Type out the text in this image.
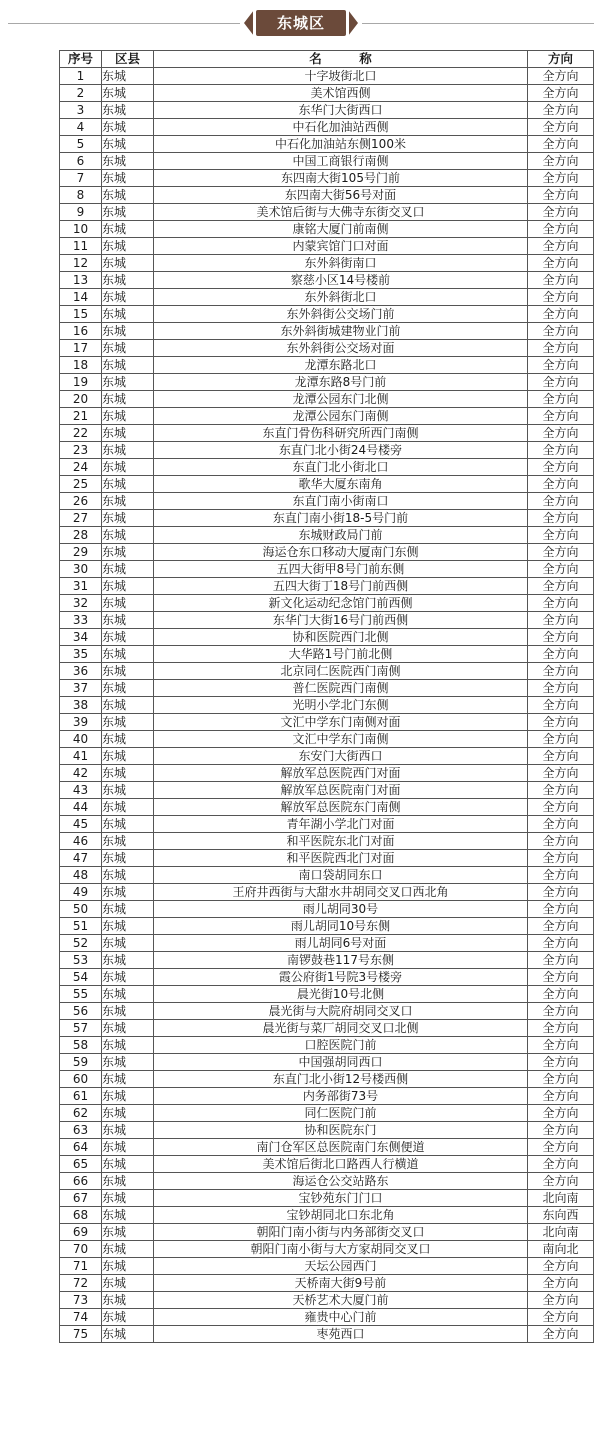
东城区
序号	区县	名　　　称	方向
1	东城	十字坡街北口	全方向
2	东城	美术馆西侧	全方向
3	东城	东华门大街西口	全方向
4	东城	中石化加油站西侧	全方向
5	东城	中石化加油站东侧100米	全方向
6	东城	中国工商银行南侧	全方向
7	东城	东四南大街105号门前	全方向
8	东城	东四南大街56号对面	全方向
9	东城	美术馆后街与大佛寺东街交叉口	全方向
10	东城	康铭大厦门前南侧	全方向
11	东城	内蒙宾馆门口对面	全方向
12	东城	东外斜街南口	全方向
13	东城	察慈小区14号楼前	全方向
14	东城	东外斜街北口	全方向
15	东城	东外斜街公交场门前	全方向
16	东城	东外斜街城建物业门前	全方向
17	东城	东外斜街公交场对面	全方向
18	东城	龙潭东路北口	全方向
19	东城	龙潭东路8号门前	全方向
20	东城	龙潭公园东门北侧	全方向
21	东城	龙潭公园东门南侧	全方向
22	东城	东直门骨伤科研究所西门南侧	全方向
23	东城	东直门北小街24号楼旁	全方向
24	东城	东直门北小街北口	全方向
25	东城	歌华大厦东南角	全方向
26	东城	东直门南小街南口	全方向
27	东城	东直门南小街18-5号门前	全方向
28	东城	东城财政局门前	全方向
29	东城	海运仓东口移动大厦南门东侧	全方向
30	东城	五四大街甲8号门前东侧	全方向
31	东城	五四大街丁18号门前西侧	全方向
32	东城	新文化运动纪念馆门前西侧	全方向
33	东城	东华门大街16号门前西侧	全方向
34	东城	协和医院西门北侧	全方向
35	东城	大华路1号门前北侧	全方向
36	东城	北京同仁医院西门南侧	全方向
37	东城	普仁医院西门南侧	全方向
38	东城	光明小学北门东侧	全方向
39	东城	文汇中学东门南侧对面	全方向
40	东城	文汇中学东门南侧	全方向
41	东城	东安门大街西口	全方向
42	东城	解放军总医院西门对面	全方向
43	东城	解放军总医院南门对面	全方向
44	东城	解放军总医院东门南侧	全方向
45	东城	青年湖小学北门对面	全方向
46	东城	和平医院东北门对面	全方向
47	东城	和平医院西北门对面	全方向
48	东城	南口袋胡同东口	全方向
49	东城	王府井西街与大甜水井胡同交叉口西北角	全方向
50	东城	雨儿胡同30号	全方向
51	东城	雨儿胡同10号东侧	全方向
52	东城	雨儿胡同6号对面	全方向
53	东城	南锣鼓巷117号东侧	全方向
54	东城	霞公府街1号院3号楼旁	全方向
55	东城	晨光街10号北侧	全方向
56	东城	晨光街与大院府胡同交叉口	全方向
57	东城	晨光街与菜厂胡同交叉口北侧	全方向
58	东城	口腔医院门前	全方向
59	东城	中国强胡同西口	全方向
60	东城	东直门北小街12号楼西侧	全方向
61	东城	内务部街73号	全方向
62	东城	同仁医院门前	全方向
63	东城	协和医院东门	全方向
64	东城	南门仓军区总医院南门东侧便道	全方向
65	东城	美术馆后街北口路西人行横道	全方向
66	东城	海运仓公交站路东	全方向
67	东城	宝钞苑东门门口	北向南
68	东城	宝钞胡同北口东北角	东向西
69	东城	朝阳门南小街与内务部街交叉口	北向南
70	东城	朝阳门南小街与大方家胡同交叉口	南向北
71	东城	天坛公园西门	全方向
72	东城	天桥南大街9号前	全方向
73	东城	天桥艺术大厦门前	全方向
74	东城	雍贵中心门前	全方向
75	东城	枣苑西口	全方向
